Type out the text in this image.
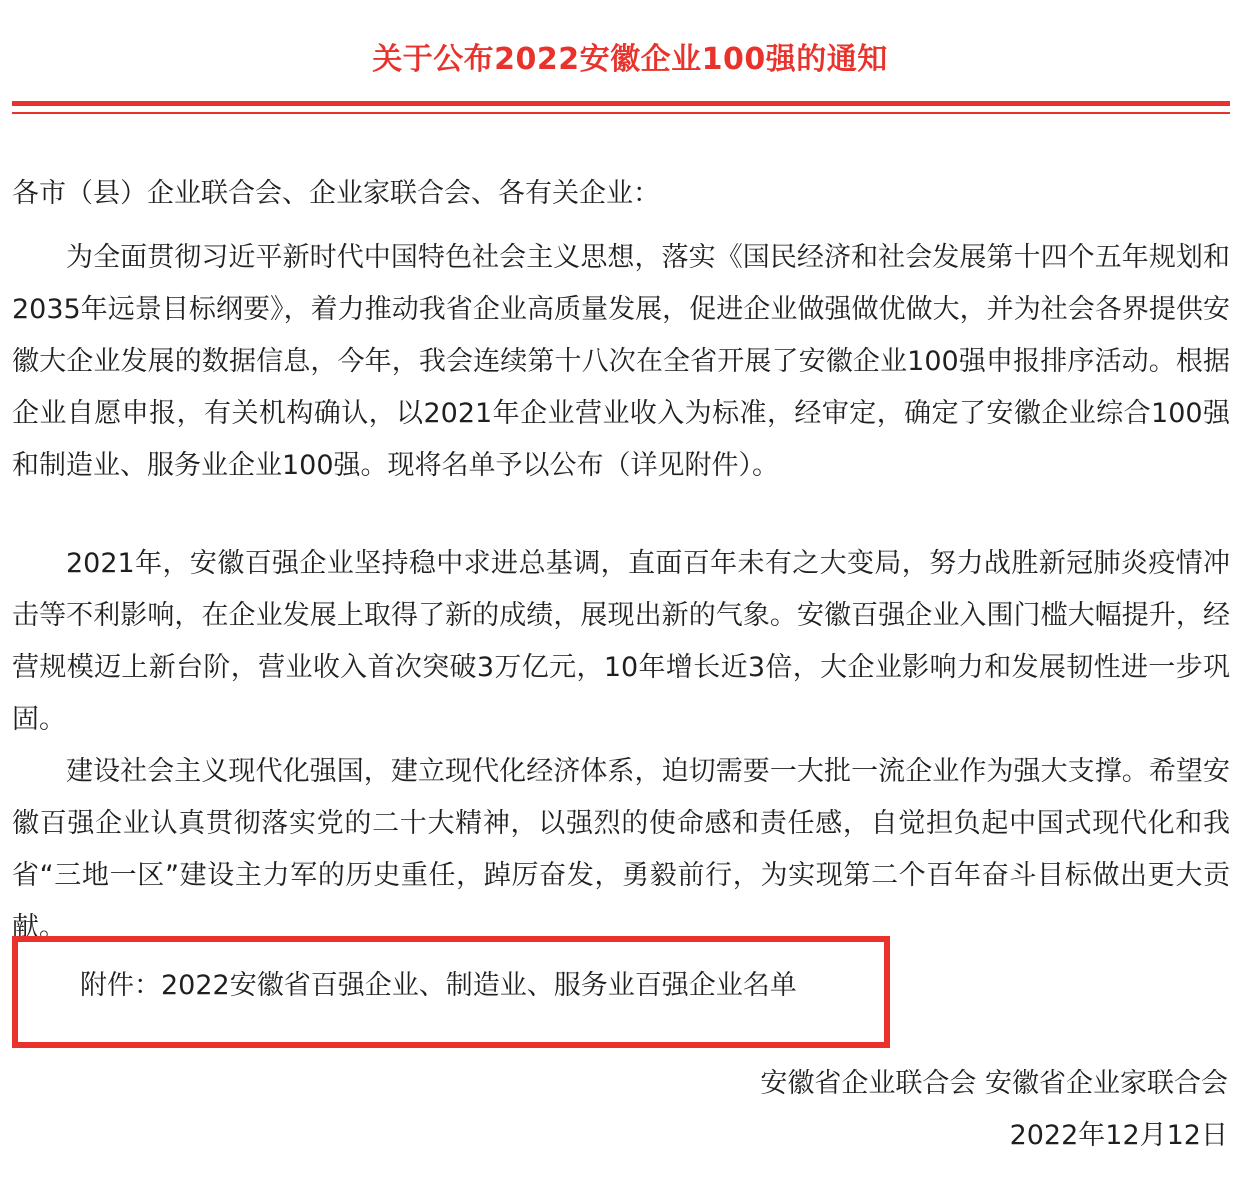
关于公布2022安徽企业100强的通知

各市（县）企业联合会、企业家联合会、各有关企业：

为全面贯彻习近平新时代中国特色社会主义思想，落实《国民经济和社会发展第十四个五年规划和2035年远景目标纲要》，着力推动我省企业高质量发展，促进企业做强做优做大，并为社会各界提供安徽大企业发展的数据信息，今年，我会连续第十八次在全省开展了安徽企业100强申报排序活动。根据企业自愿申报，有关机构确认，以2021年企业营业收入为标准，经审定，确定了安徽企业综合100强和制造业、服务业企业100强。现将名单予以公布（详见附件）。

2021年，安徽百强企业坚持稳中求进总基调，直面百年未有之大变局，努力战胜新冠肺炎疫情冲击等不利影响，在企业发展上取得了新的成绩，展现出新的气象。安徽百强企业入围门槛大幅提升，经营规模迈上新台阶，营业收入首次突破3万亿元，10年增长近3倍，大企业影响力和发展韧性进一步巩固。

建设社会主义现代化强国，建立现代化经济体系，迫切需要一大批一流企业作为强大支撑。希望安徽百强企业认真贯彻落实党的二十大精神，以强烈的使命感和责任感，自觉担负起中国式现代化和我省“三地一区”建设主力军的历史重任，踔厉奋发，勇毅前行，为实现第二个百年奋斗目标做出更大贡献。

附件：2022安徽省百强企业、制造业、服务业百强企业名单
安徽省企业联合会 安徽省企业家联合会
2022年12月12日
